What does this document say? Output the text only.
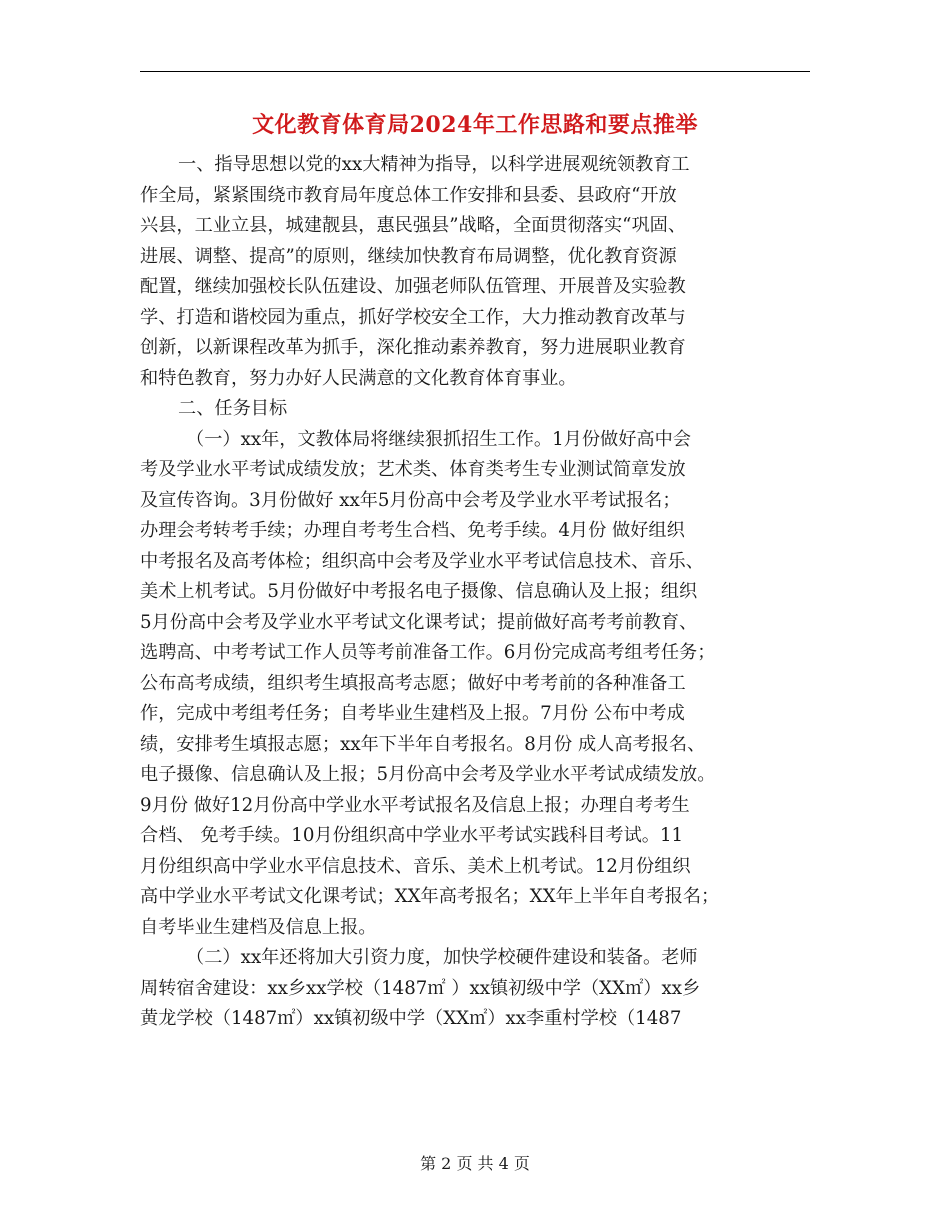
文化教育体育局2024年工作思路和要点推举
一、指导思想以党的xx大精神为指导，以科学进展观统领教育工
作全局，紧紧围绕市教育局年度总体工作安排和县委、县政府“开放
兴县，工业立县，城建靓县，惠民强县”战略，全面贯彻落实“巩固、
进展、调整、提高”的原则，继续加快教育布局调整，优化教育资源
配置，继续加强校长队伍建设、加强老师队伍管理、开展普及实验教
学、打造和谐校园为重点，抓好学校安全工作，大力推动教育改革与
创新，以新课程改革为抓手，深化推动素养教育，努力进展职业教育
和特色教育，努力办好人民满意的文化教育体育事业。
二、任务目标
（一）xx年，文教体局将继续狠抓招生工作。1月份做好高中会
考及学业水平考试成绩发放；艺术类、体育类考生专业测试简章发放
及宣传咨询。3月份做好 xx年5月份高中会考及学业水平考试报名；
办理会考转考手续；办理自考考生合档、免考手续。4月份 做好组织
中考报名及高考体检；组织高中会考及学业水平考试信息技术、音乐、
美术上机考试。5月份做好中考报名电子摄像、信息确认及上报；组织
5月份高中会考及学业水平考试文化课考试；提前做好高考考前教育、
选聘高、中考考试工作人员等考前准备工作。6月份完成高考组考任务；
公布高考成绩，组织考生填报高考志愿；做好中考考前的各种准备工
作，完成中考组考任务；自考毕业生建档及上报。7月份 公布中考成
绩，安排考生填报志愿；xx年下半年自考报名。8月份 成人高考报名、
电子摄像、信息确认及上报；5月份高中会考及学业水平考试成绩发放。
9月份 做好12月份高中学业水平考试报名及信息上报；办理自考考生
合档、 免考手续。10月份组织高中学业水平考试实践科目考试。11
月份组织高中学业水平信息技术、音乐、美术上机考试。12月份组织
高中学业水平考试文化课考试；XX年高考报名；XX年上半年自考报名；
自考毕业生建档及信息上报。
（二）xx年还将加大引资力度，加快学校硬件建设和装备。老师
周转宿舍建设：xx乡xx学校（1487㎡ ）xx镇初级中学（XX㎡）xx乡
黄龙学校（1487㎡）xx镇初级中学（XX㎡）xx李重村学校（1487
第 2 页 共 4 页
